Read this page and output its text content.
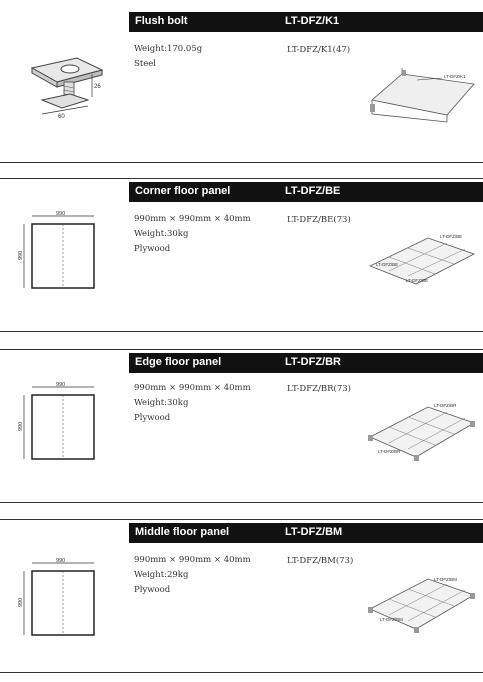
Flush bolt	LT-DFZ/K1
Weight:170.05g
Steel
LT-DFZ/K1(47)
26
60
LT-DFZ/K1
Corner floor panel	LT-DFZ/BE
990mm × 990mm × 40mm
Weight:30kg
Plywood
LT-DFZ/BE(73)
990
990
LT-DFZ/BE
LT-DFZ/BE
LT-DFZ/BE
Edge floor panel	LT-DFZ/BR
990mm × 990mm × 40mm
Weight:30kg
Plywood
LT-DFZ/BR(73)
990
990
LT-DFZ/BR
LT-DFZ/BR
Middle floor panel	LT-DFZ/BM
990mm × 990mm × 40mm
Weight:29kg
Plywood
LT-DFZ/BM(73)
990
990
LT-DFZ/BM
LT-DFZ/BM
